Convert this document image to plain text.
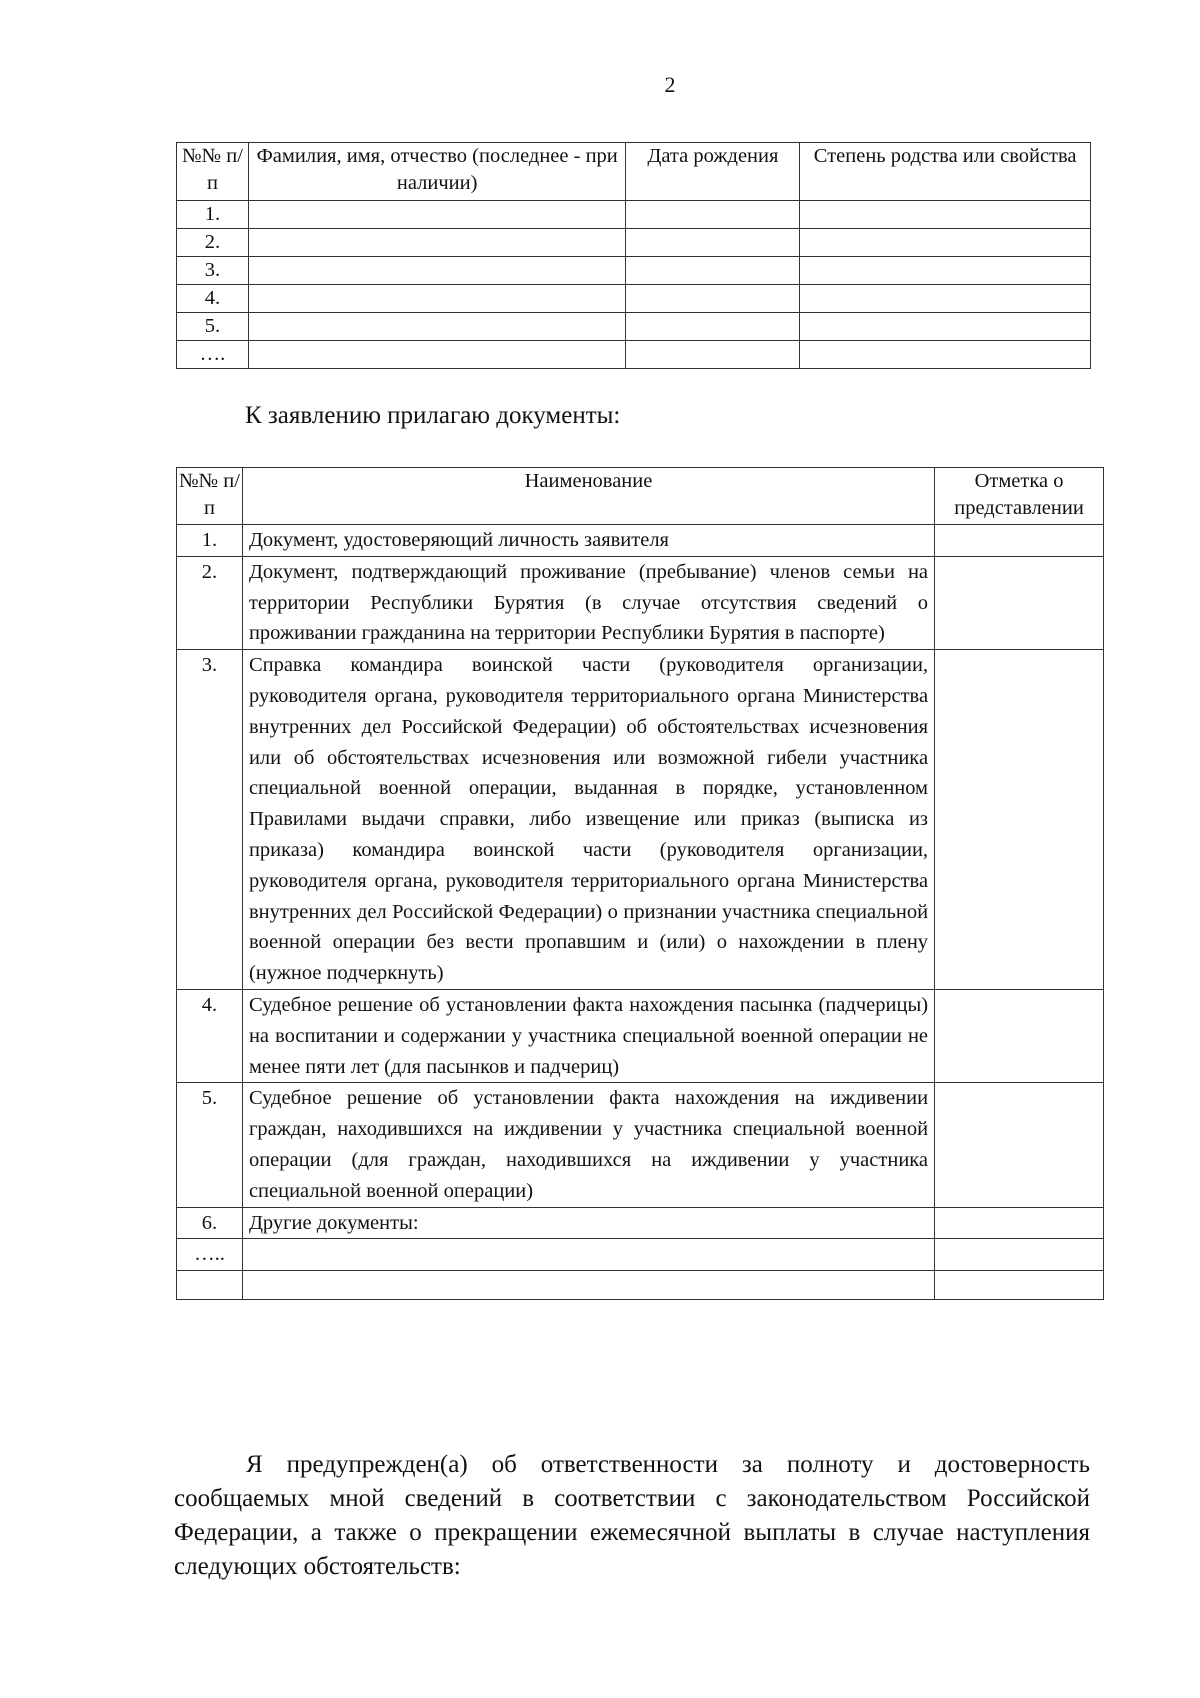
2
№№ п/п	Фамилия, имя, отчество (последнее - при наличии)	Дата рождения	Степень родства или свойства
1.			
2.			
3.			
4.			
5.			
….			
К заявлению прилагаю документы:
№№ п/п	Наименование	Отметка о представлении
1.	Документ, удостоверяющий личность заявителя	
2.	Документ, подтверждающий проживание (пребывание) членов семьи на территории Республики Бурятия (в случае отсутствия сведений о проживании гражданина на территории Республики Бурятия в паспорте)	
3.	Справка командира воинской части (руководителя организации, руководителя органа, руководителя территориального органа Министерства внутренних дел Российской Федерации) об обстоятельствах исчезновения или об обстоятельствах исчезновения или возможной гибели участника специальной военной операции, выданная в порядке, установленном Правилами выдачи справки, либо извещение или приказ (выписка из приказа) командира воинской части (руководителя организации, руководителя органа, руководителя территориального органа Министерства внутренних дел Российской Федерации) о признании участника специальной военной операции без вести пропавшим и (или) о нахождении в плену (нужное подчеркнуть)	
4.	Судебное решение об установлении факта нахождения пасынка (падчерицы) на воспитании и содержании у участника специальной военной операции не менее пяти лет (для пасынков и падчериц)	
5.	Судебное решение об установлении факта нахождения на иждивении граждан, находившихся на иждивении у участника специальной военной операции (для граждан, находившихся на иждивении у участника специальной военной операции)	
6.	Другие документы:	
…..		

Я предупрежден(а) об ответственности за полноту и достоверность сообщаемых мной сведений в соответствии с законодательством Российской Федерации, а также о прекращении ежемесячной выплаты в случае наступления следующих обстоятельств:
